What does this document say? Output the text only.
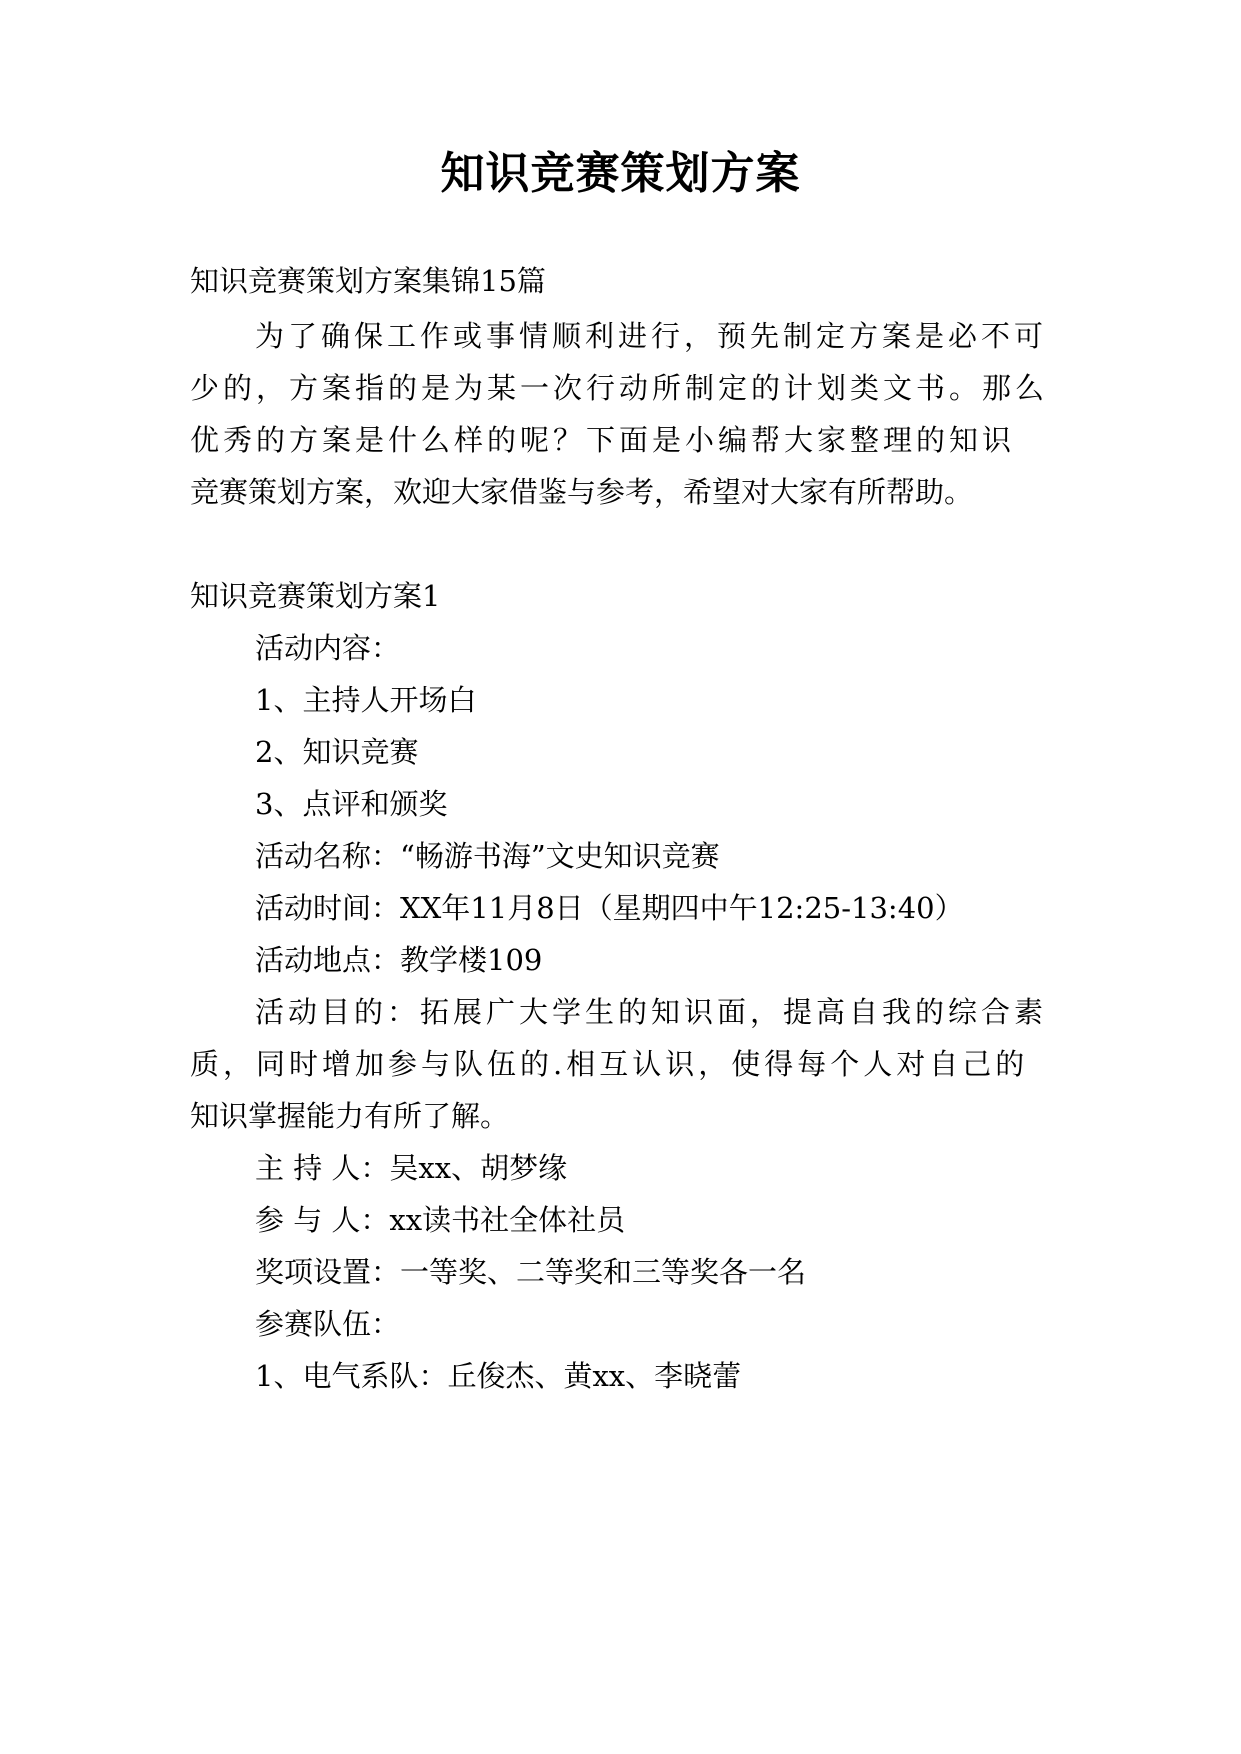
知识竞赛策划方案
知识竞赛策划方案集锦15篇
为了确保工作或事情顺利进行，预先制定方案是必不可
少的，方案指的是为某一次行动所制定的计划类文书。那么
优秀的方案是什么样的呢？下面是小编帮大家整理的知识
竞赛策划方案，欢迎大家借鉴与参考，希望对大家有所帮助。
知识竞赛策划方案1
活动内容：
1、主持人开场白
2、知识竞赛
3、点评和颁奖
活动名称：“畅游书海”文史知识竞赛
活动时间：XX年11月8日（星期四中午12:25-13:40）
活动地点：教学楼109
活动目的：拓展广大学生的知识面，提高自我的综合素
质，同时增加参与队伍的.相互认识，使得每个人对自己的
知识掌握能力有所了解。
主 持 人：吴xx、胡梦缘
参 与 人：xx读书社全体社员
奖项设置：一等奖、二等奖和三等奖各一名
参赛队伍：
1、电气系队：丘俊杰、黄xx、李晓蕾
